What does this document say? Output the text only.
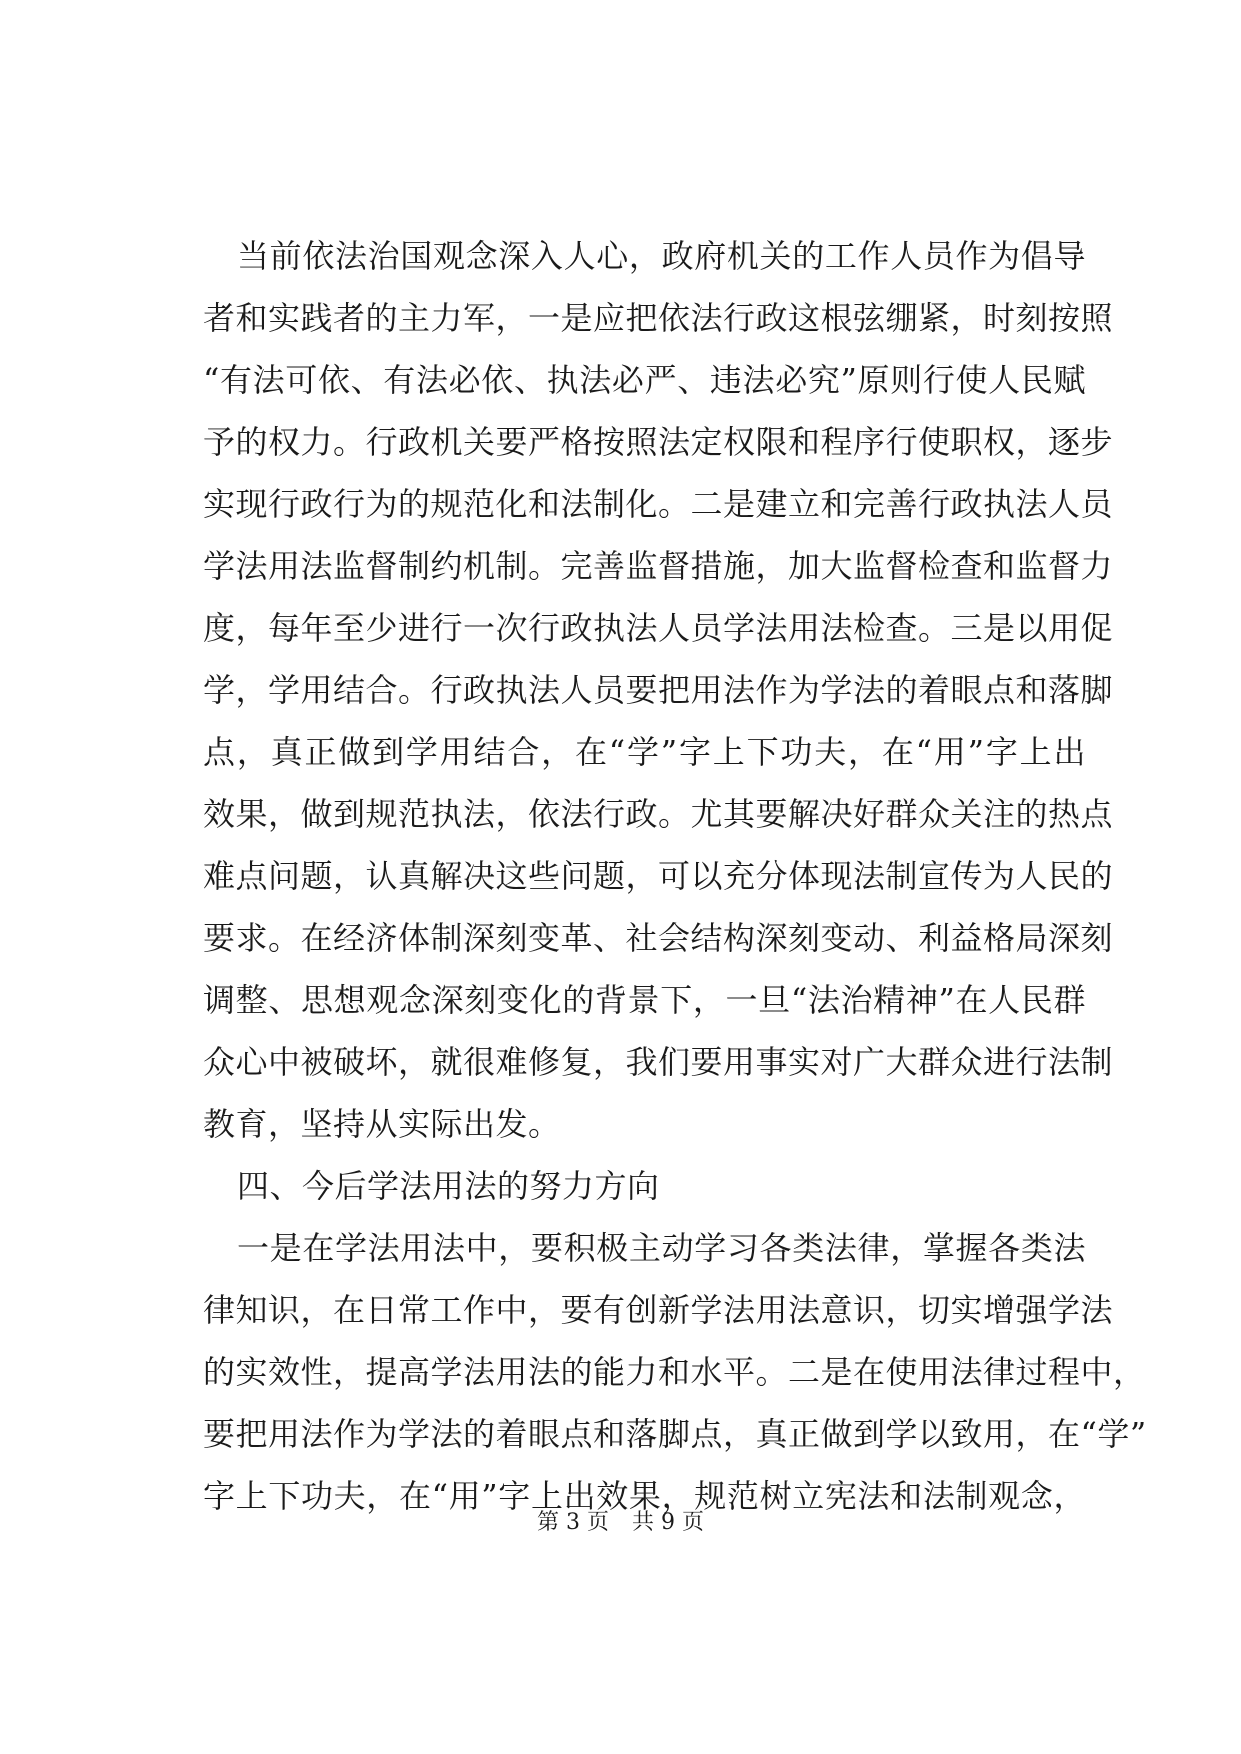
当前依法治国观念深入人心，政府机关的工作人员作为倡导
者和实践者的主力军，一是应把依法行政这根弦绷紧，时刻按照
“有法可依、有法必依、执法必严、违法必究”原则行使人民赋
予的权力。行政机关要严格按照法定权限和程序行使职权，逐步
实现行政行为的规范化和法制化。二是建立和完善行政执法人员
学法用法监督制约机制。完善监督措施，加大监督检查和监督力
度，每年至少进行一次行政执法人员学法用法检查。三是以用促
学，学用结合。行政执法人员要把用法作为学法的着眼点和落脚
点，真正做到学用结合，在“学”字上下功夫，在“用”字上出
效果，做到规范执法，依法行政。尤其要解决好群众关注的热点
难点问题，认真解决这些问题，可以充分体现法制宣传为人民的
要求。在经济体制深刻变革、社会结构深刻变动、利益格局深刻
调整、思想观念深刻变化的背景下，一旦“法治精神”在人民群
众心中被破坏，就很难修复，我们要用事实对广大群众进行法制
教育，坚持从实际出发。
四、今后学法用法的努力方向
一是在学法用法中，要积极主动学习各类法律，掌握各类法
律知识，在日常工作中，要有创新学法用法意识，切实增强学法
的实效性，提高学法用法的能力和水平。二是在使用法律过程中，
要把用法作为学法的着眼点和落脚点，真正做到学以致用，在“学”
字上下功夫，在“用”字上出效果，规范树立宪法和法制观念，
第 3 页 共 9 页
